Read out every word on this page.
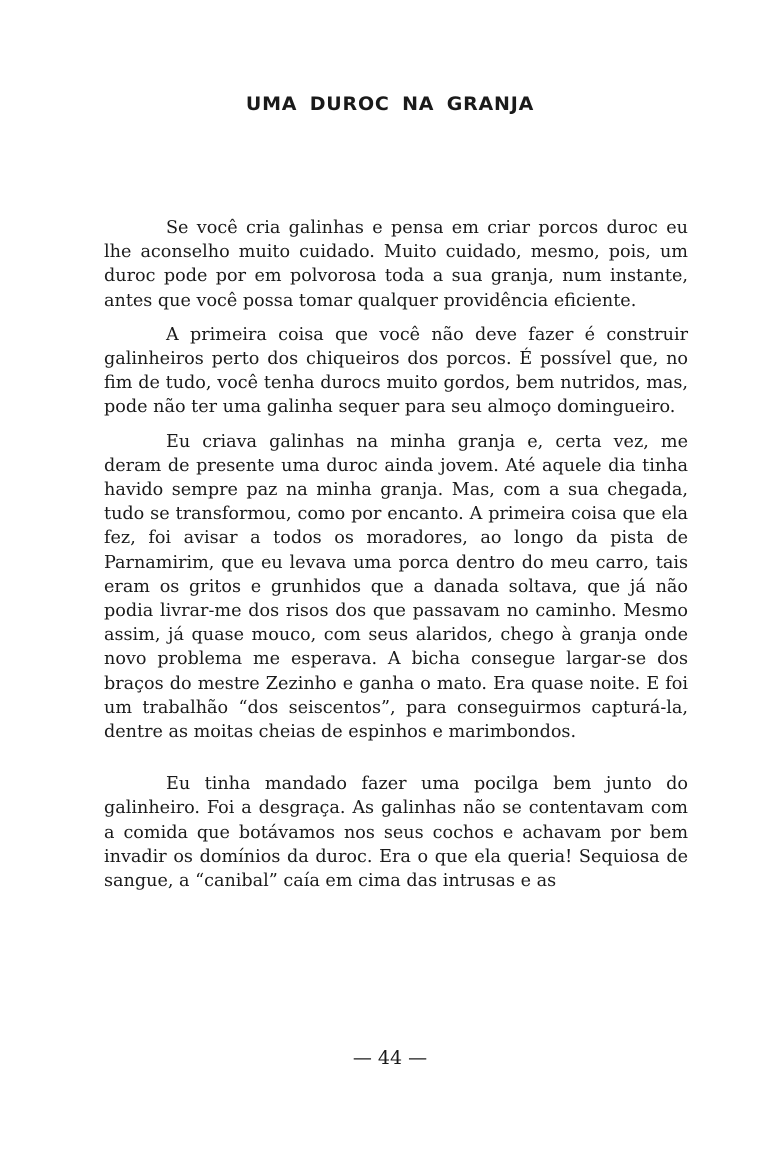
UMA DUROC NA GRANJA

Se você cria galinhas e pensa em criar porcos duroc eu lhe aconselho muito cuidado. Muito cuidado, mesmo, pois, um duroc pode por em polvorosa toda a sua granja, num instante, antes que você possa tomar qualquer providência eficiente.

A primeira coisa que você não deve fazer é construir galinheiros perto dos chiqueiros dos porcos. É possível que, no fim de tudo, você tenha durocs muito gordos, bem nutridos, mas, pode não ter uma galinha sequer para seu almoço domingueiro.

Eu criava galinhas na minha granja e, certa vez, me deram de presente uma duroc ainda jovem. Até aquele dia tinha havido sempre paz na minha granja. Mas, com a sua chegada, tudo se transformou, como por encanto. A primeira coisa que ela fez, foi avisar a todos os moradores, ao longo da pista de Parnamirim, que eu levava uma porca dentro do meu carro, tais eram os gritos e grunhidos que a danada soltava, que já não podia livrar-me dos risos dos que passavam no caminho. Mesmo assim, já quase mouco, com seus alaridos, chego à granja onde novo problema me esperava. A bicha consegue largar-se dos braços do mestre Zezinho e ganha o mato. Era quase noite. E foi um trabalhão “dos seiscentos”, para conseguirmos capturá-la, dentre as moitas cheias de espinhos e marimbondos.

Eu tinha mandado fazer uma pocilga bem junto do galinheiro. Foi a desgraça. As galinhas não se contentavam com a comida que botávamos nos seus cochos e achavam por bem invadir os domínios da duroc. Era o que ela queria! Sequiosa de sangue, a “canibal” caía em cima das intrusas e as

— 44 —
